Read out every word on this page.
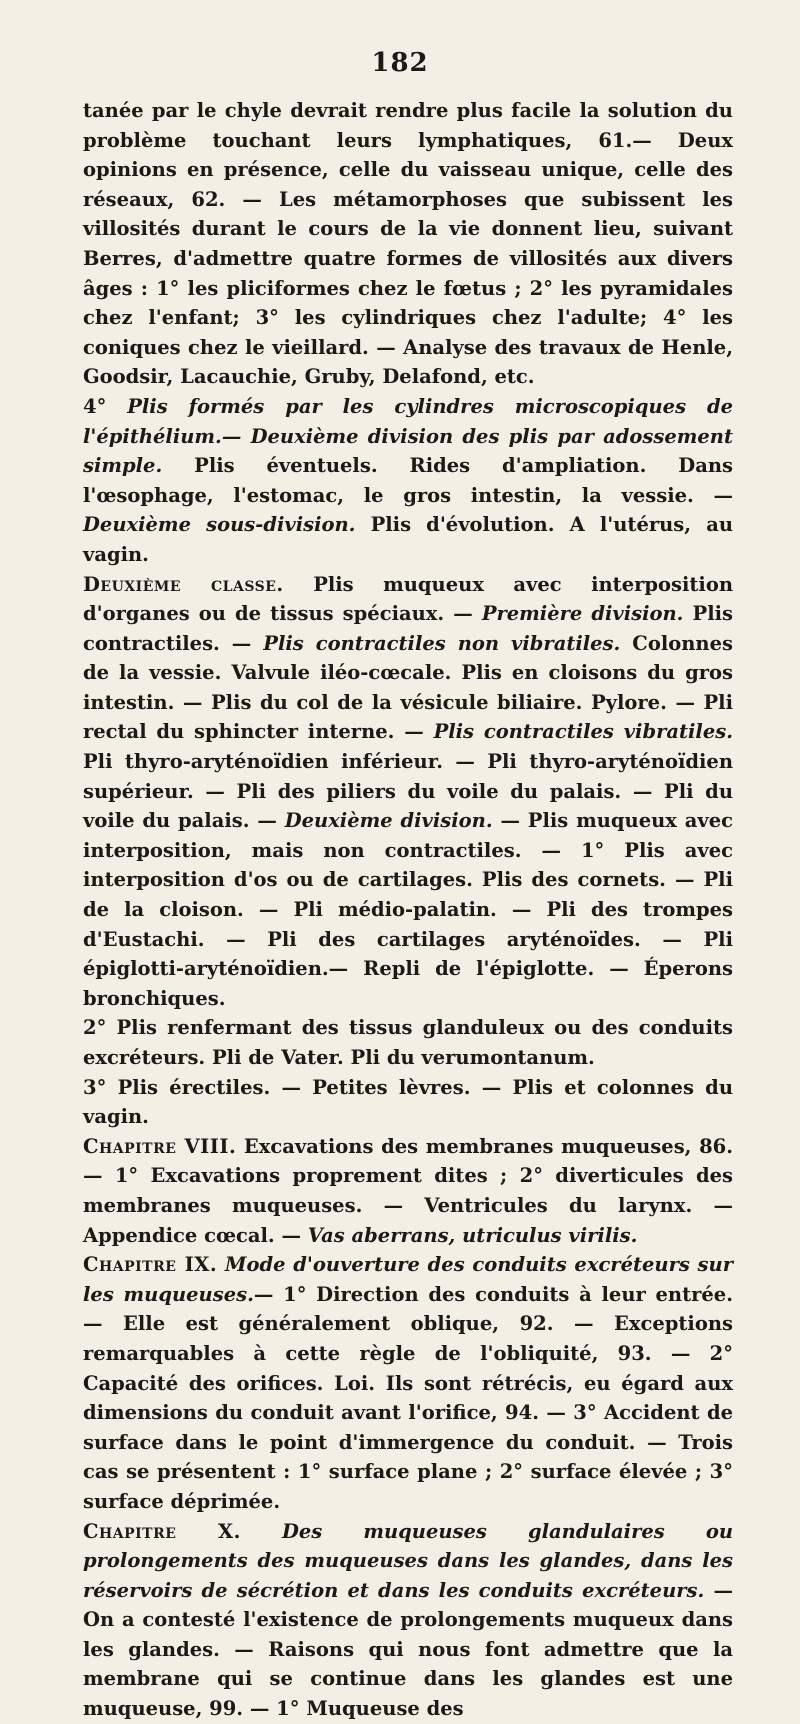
182

tanée par le chyle devrait rendre plus facile la solution du problème touchant leurs lymphatiques, 61.— Deux opinions en présence, celle du vaisseau unique, celle des réseaux, 62. — Les métamorphoses que subissent les villosités durant le cours de la vie donnent lieu, suivant Berres, d'admettre quatre formes de villosités aux divers âges : 1° les pliciformes chez le fœtus ; 2° les pyramidales chez l'enfant; 3° les cylindriques chez l'adulte; 4° les coniques chez le vieillard. — Analyse des travaux de Henle, Goodsir, Lacauchie, Gruby, Delafond, etc.

4° Plis formés par les cylindres microscopiques de l'épithélium.— Deuxième division des plis par adossement simple. Plis éventuels. Rides d'ampliation. Dans l'œsophage, l'estomac, le gros intestin, la vessie. — Deuxième sous-division. Plis d'évolution. A l'utérus, au vagin.

Deuxième classe. Plis muqueux avec interposition d'organes ou de tissus spéciaux. — Première division. Plis contractiles. — Plis contractiles non vibratiles. Colonnes de la vessie. Valvule iléo-cœcale. Plis en cloisons du gros intestin. — Plis du col de la vésicule biliaire. Pylore. — Pli rectal du sphincter interne. — Plis contractiles vibratiles. Pli thyro-aryténoïdien inférieur. — Pli thyro-aryténoïdien supérieur. — Pli des piliers du voile du palais. — Pli du voile du palais. — Deuxième division. — Plis muqueux avec interposition, mais non contractiles. — 1° Plis avec interposition d'os ou de cartilages. Plis des cornets. — Pli de la cloison. — Pli médio-palatin. — Pli des trompes d'Eustachi. — Pli des cartilages aryténoïdes. — Pli épiglotti-aryténoïdien.— Repli de l'épiglotte. — Éperons bronchiques.

2° Plis renfermant des tissus glanduleux ou des conduits excréteurs. Pli de Vater. Pli du verumontanum.

3° Plis érectiles. — Petites lèvres. — Plis et colonnes du vagin.

Chapitre VIII. Excavations des membranes muqueuses, 86. — 1° Excavations proprement dites ; 2° diverticules des membranes muqueuses. — Ventricules du larynx. — Appendice cœcal. — Vas aberrans, utriculus virilis.

Chapitre IX. Mode d'ouverture des conduits excréteurs sur les muqueuses.— 1° Direction des conduits à leur entrée. — Elle est généralement oblique, 92. — Exceptions remarquables à cette règle de l'obliquité, 93. — 2° Capacité des orifices. Loi. Ils sont rétrécis, eu égard aux dimensions du conduit avant l'orifice, 94. — 3° Accident de surface dans le point d'immergence du conduit. — Trois cas se présentent : 1° surface plane ; 2° surface élevée ; 3° surface déprimée.

Chapitre X. Des muqueuses glandulaires ou prolongements des muqueuses dans les glandes, dans les réservoirs de sécrétion et dans les conduits excréteurs. — On a contesté l'existence de prolongements muqueux dans les glandes. — Raisons qui nous font admettre que la membrane qui se continue dans les glandes est une muqueuse, 99. — 1° Muqueuse des
